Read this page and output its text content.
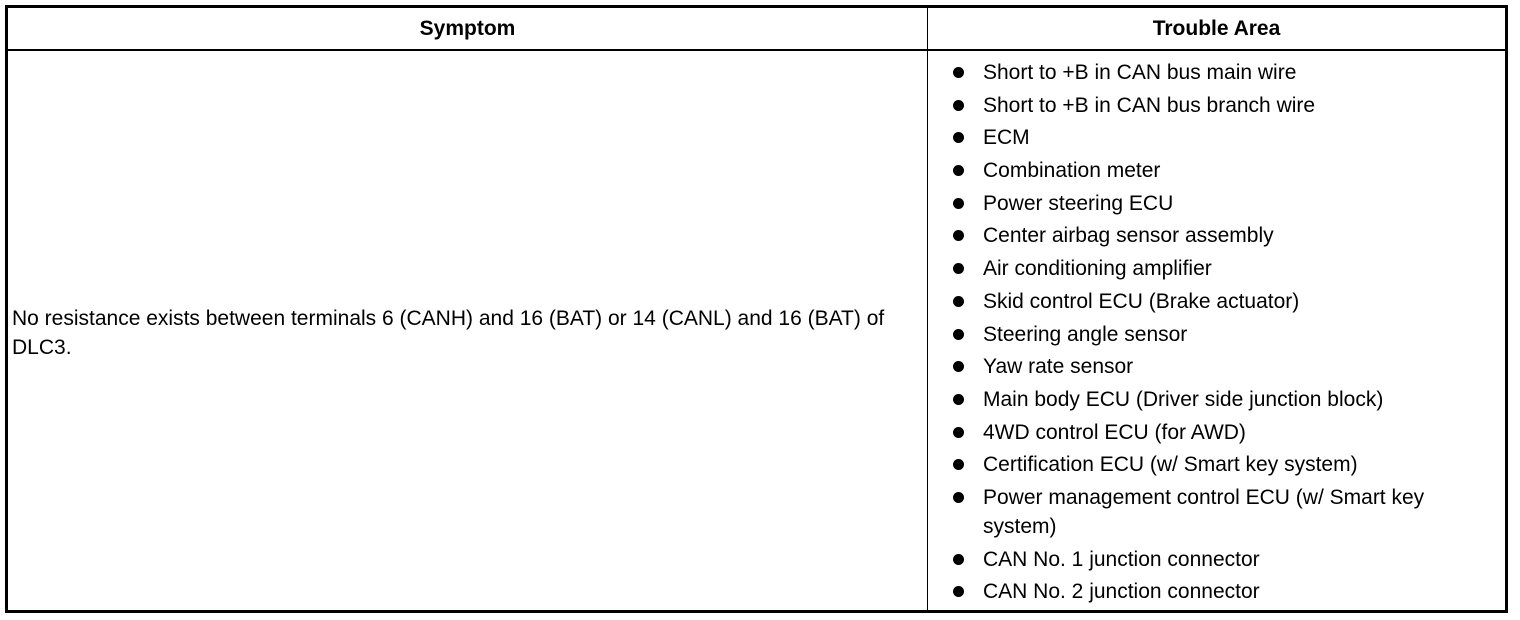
Symptom	Trouble Area
No resistance exists between terminals 6 (CANH) and 16 (BAT) or 14 (CANL) and 16 (BAT) of DLC3.
Short to +B in CAN bus main wire
Short to +B in CAN bus branch wire
ECM
Combination meter
Power steering ECU
Center airbag sensor assembly
Air conditioning amplifier
Skid control ECU (Brake actuator)
Steering angle sensor
Yaw rate sensor
Main body ECU (Driver side junction block)
4WD control ECU (for AWD)
Certification ECU (w/ Smart key system)
Power management control ECU (w/ Smart key system)
CAN No. 1 junction connector
CAN No. 2 junction connector
